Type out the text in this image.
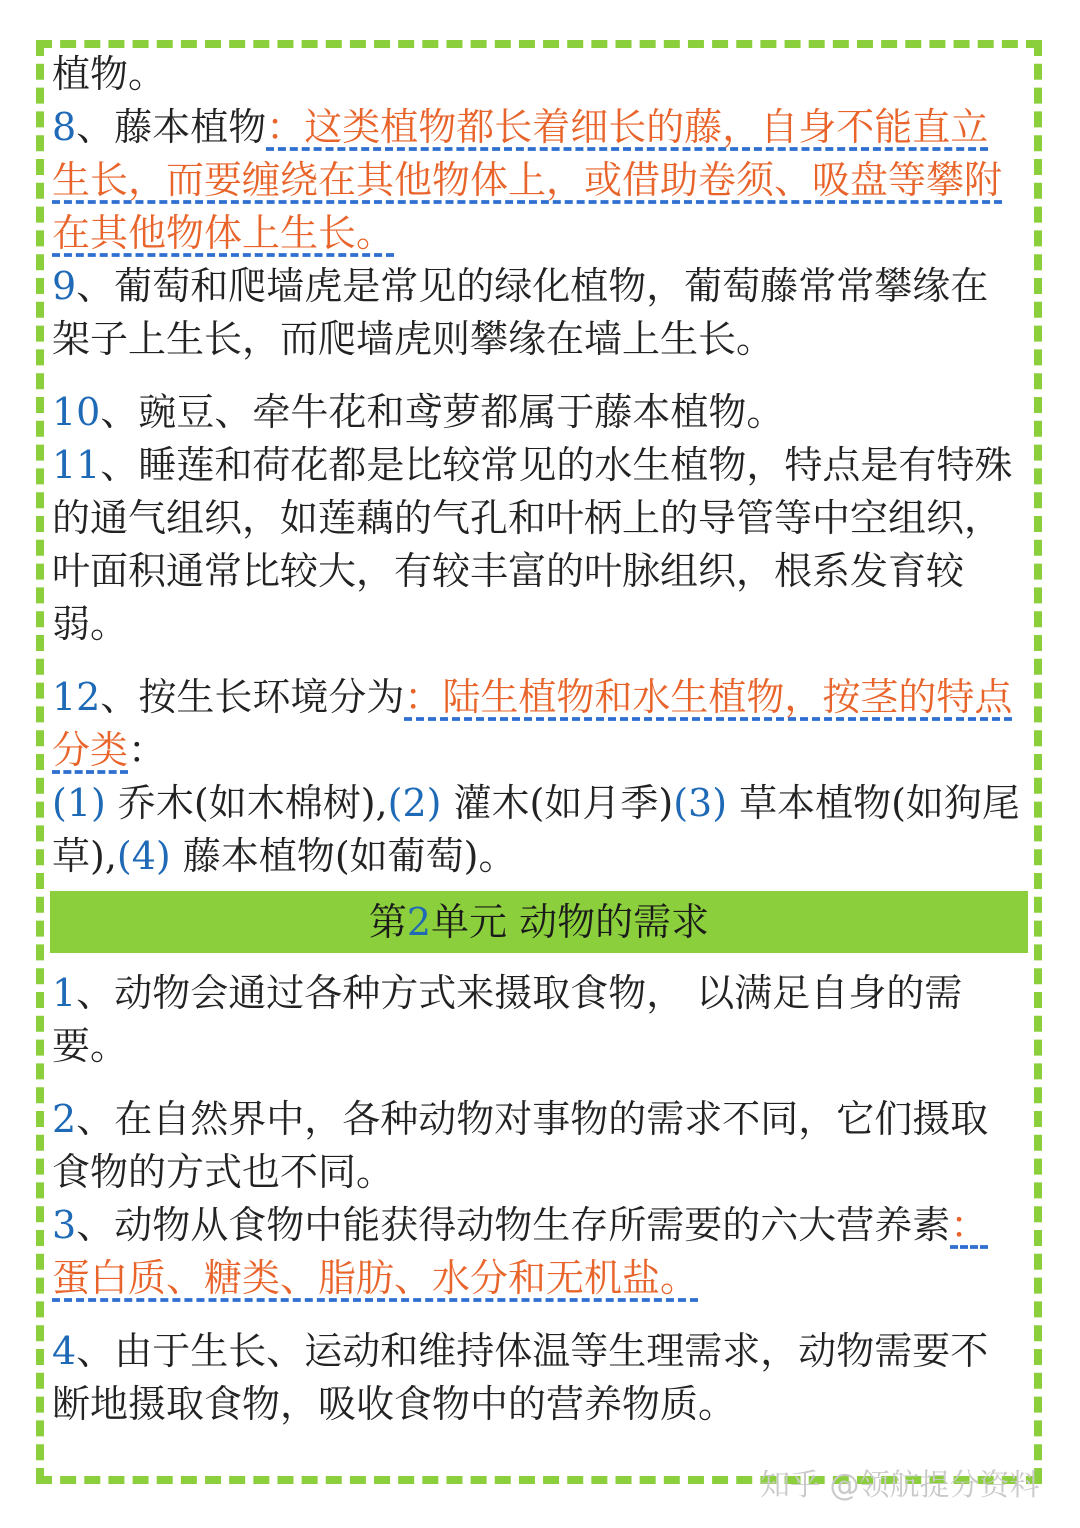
植物。

8、藤本植物：这类植物都长着细长的藤，自身不能直立生长，而要缠绕在其他物体上，或借助卷须、吸盘等攀附在其他物体上生长。

9、葡萄和爬墙虎是常见的绿化植物，葡萄藤常常攀缘在架子上生长，而爬墙虎则攀缘在墙上生长。

10、豌豆、牵牛花和鸢萝都属于藤本植物。

11、睡莲和荷花都是比较常见的水生植物，特点是有特殊的通气组织，如莲藕的气孔和叶柄上的导管等中空组织，叶面积通常比较大，有较丰富的叶脉组织，根系发育较弱。

12、按生长环境分为：陆生植物和水生植物，按茎的特点分类：

(1) 乔木(如木棉树),(2) 灌木(如月季)(3) 草本植物(如狗尾草),(4) 藤本植物(如葡萄)。

第2单元 动物的需求

1、动物会通过各种方式来摄取食物， 以满足自身的需要。

2、在自然界中，各种动物对事物的需求不同，它们摄取食物的方式也不同。

3、动物从食物中能获得动物生存所需要的六大营养素：蛋白质、糖类、脂肪、水分和无机盐。

4、由于生长、运动和维持体温等生理需求，动物需要不断地摄取食物，吸收食物中的营养物质。

知乎 @领航提分资料
